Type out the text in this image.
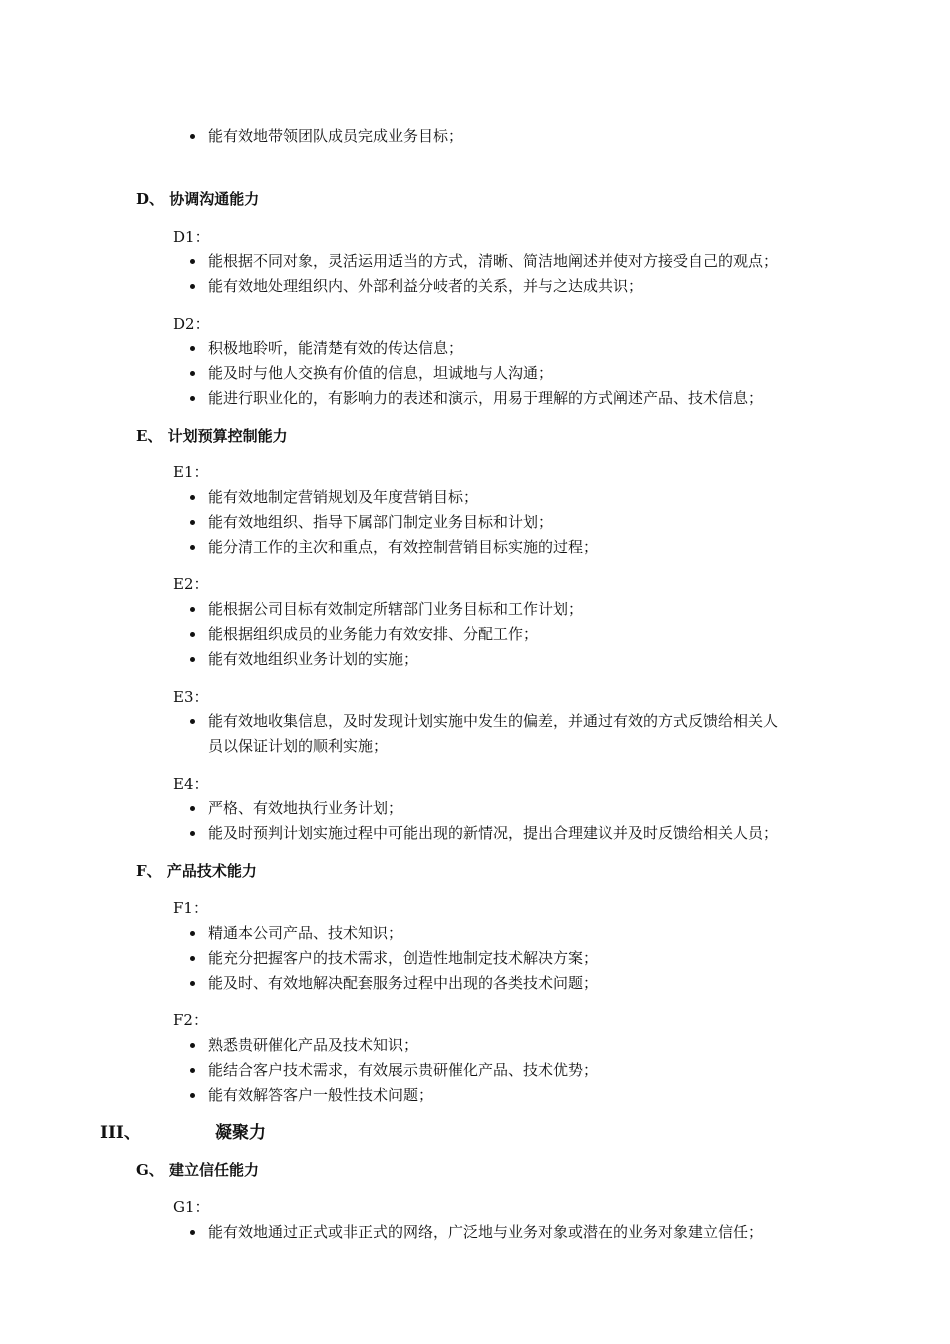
能有效地带领团队成员完成业务目标；
D、 协调沟通能力
D1：
能根据不同对象，灵活运用适当的方式，清晰、简洁地阐述并使对方接受自己的观点；
能有效地处理组织内、外部利益分岐者的关系，并与之达成共识；
D2：
积极地聆听，能清楚有效的传达信息；
能及时与他人交换有价值的信息，坦诚地与人沟通；
能进行职业化的，有影响力的表述和演示，用易于理解的方式阐述产品、技术信息；
E、 计划预算控制能力
E1：
能有效地制定营销规划及年度营销目标；
能有效地组织、指导下属部门制定业务目标和计划；
能分清工作的主次和重点，有效控制营销目标实施的过程；
E2：
能根据公司目标有效制定所辖部门业务目标和工作计划；
能根据组织成员的业务能力有效安排、分配工作；
能有效地组织业务计划的实施；
E3：
能有效地收集信息，及时发现计划实施中发生的偏差，并通过有效的方式反馈给相关人
员以保证计划的顺利实施；
E4：
严格、有效地执行业务计划；
能及时预判计划实施过程中可能出现的新情况，提出合理建议并及时反馈给相关人员；
F、 产品技术能力
F1：
精通本公司产品、技术知识；
能充分把握客户的技术需求，创造性地制定技术解决方案；
能及时、有效地解决配套服务过程中出现的各类技术问题；
F2：
熟悉贵研催化产品及技术知识；
能结合客户技术需求，有效展示贵研催化产品、技术优势；
能有效解答客户一般性技术问题；
III、	凝聚力
G、 建立信任能力
G1：
能有效地通过正式或非正式的网络，广泛地与业务对象或潜在的业务对象建立信任；
